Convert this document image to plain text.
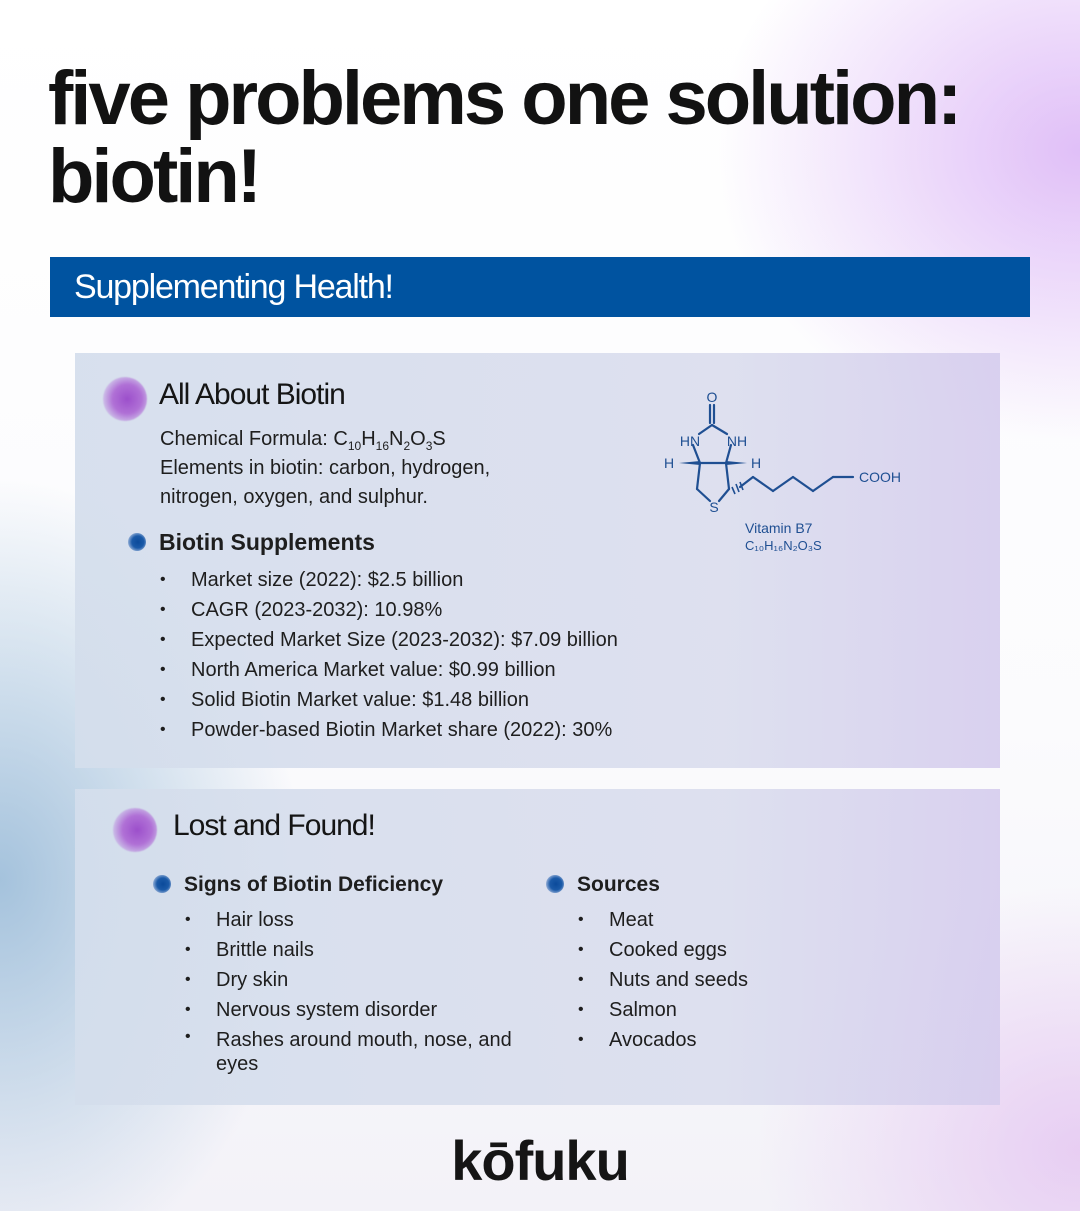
five problems one solution: biotin!
Supplementing Health!
All About Biotin

Chemical Formula: $C_{10}H_{16}N_2O_3S$

Elements in biotin: carbon, hydrogen, nitrogen, oxygen, and sulphur.

O
HN NH
H	H
S
COOH
Vitamin B7
C₁₀H₁₆N₂O₃S
Biotin Supplements
• Market size (2022): $2.5 billion
• CAGR (2023-2032): 10.98%
• Expected Market Size (2023-2032): $7.09 billion
• North America Market value: $0.99 billion
• Solid Biotin Market value: $1.48 billion
• Powder-based Biotin Market share (2022): 30%
Lost and Found!
Signs of Biotin Deficiency
• Hair loss
• Brittle nails
• Dry skin
• Nervous system disorder
• Rashes around mouth, nose, and eyes
Sources
• Meat
• Cooked eggs
• Nuts and seeds
• Salmon
• Avocados
kōfuku
